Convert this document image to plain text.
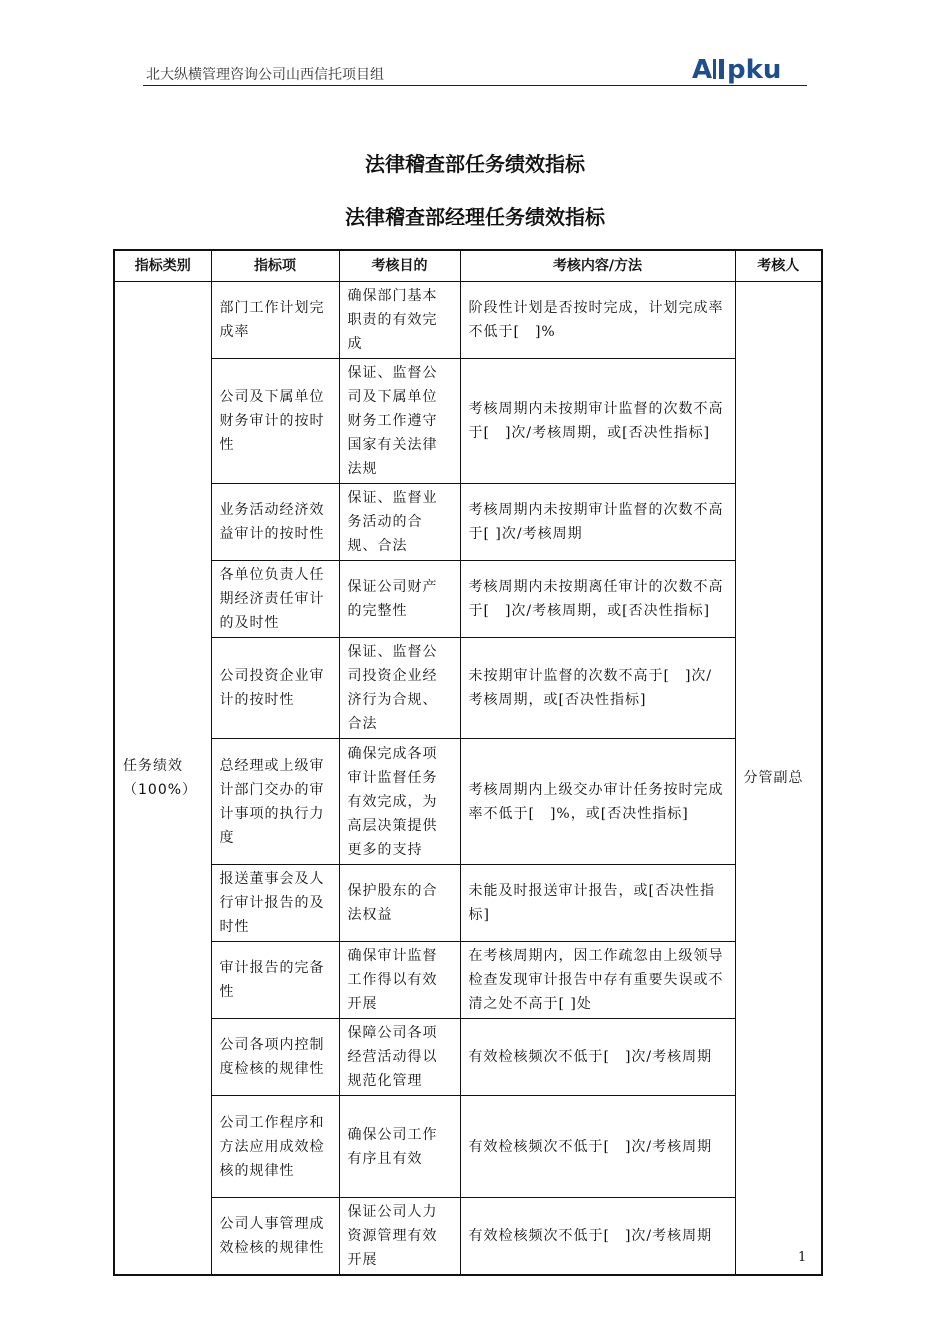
北大纵横管理咨询公司山西信托项目组	A pku
法律稽查部任务绩效指标
法律稽查部经理任务绩效指标
指标类别	指标项	考核目的	考核内容/方法	考核人

任务绩效
（100%）	部门工作计划完成率	确保部门基本职责的有效完成	阶段性计划是否按时完成，计划完成率不低于[　]%	分管副总
	公司及下属单位财务审计的按时性	保证、监督公司及下属单位财务工作遵守国家有关法律法规	考核周期内未按期审计监督的次数不高于[　]次/考核周期，或[否决性指标]	
	业务活动经济效益审计的按时性	保证、监督业务活动的合规、合法	考核周期内未按期审计监督的次数不高于[ ]次/考核周期	
	各单位负责人任期经济责任审计的及时性	保证公司财产的完整性	考核周期内未按期离任审计的次数不高于[　]次/考核周期，或[否决性指标]	
	公司投资企业审计的按时性	保证、监督公司投资企业经济行为合规、合法	未按期审计监督的次数不高于[　]次/考核周期，或[否决性指标]	
	总经理或上级审计部门交办的审计事项的执行力度	确保完成各项审计监督任务有效完成，为高层决策提供更多的支持	考核周期内上级交办审计任务按时完成率不低于[　]%，或[否决性指标]	
	报送董事会及人行审计报告的及时性	保护股东的合法权益	未能及时报送审计报告，或[否决性指标]	
	审计报告的完备性	确保审计监督工作得以有效开展	在考核周期内，因工作疏忽由上级领导检查发现审计报告中存有重要失误或不清之处不高于[ ]处	
	公司各项内控制度检核的规律性	保障公司各项经营活动得以规范化管理	有效检核频次不低于[　]次/考核周期	
	公司工作程序和方法应用成效检核的规律性	确保公司工作有序且有效	有效检核频次不低于[　]次/考核周期	
	公司人事管理成效检核的规律性	保证公司人力资源管理有效开展	有效检核频次不低于[　]次/考核周期	
1
